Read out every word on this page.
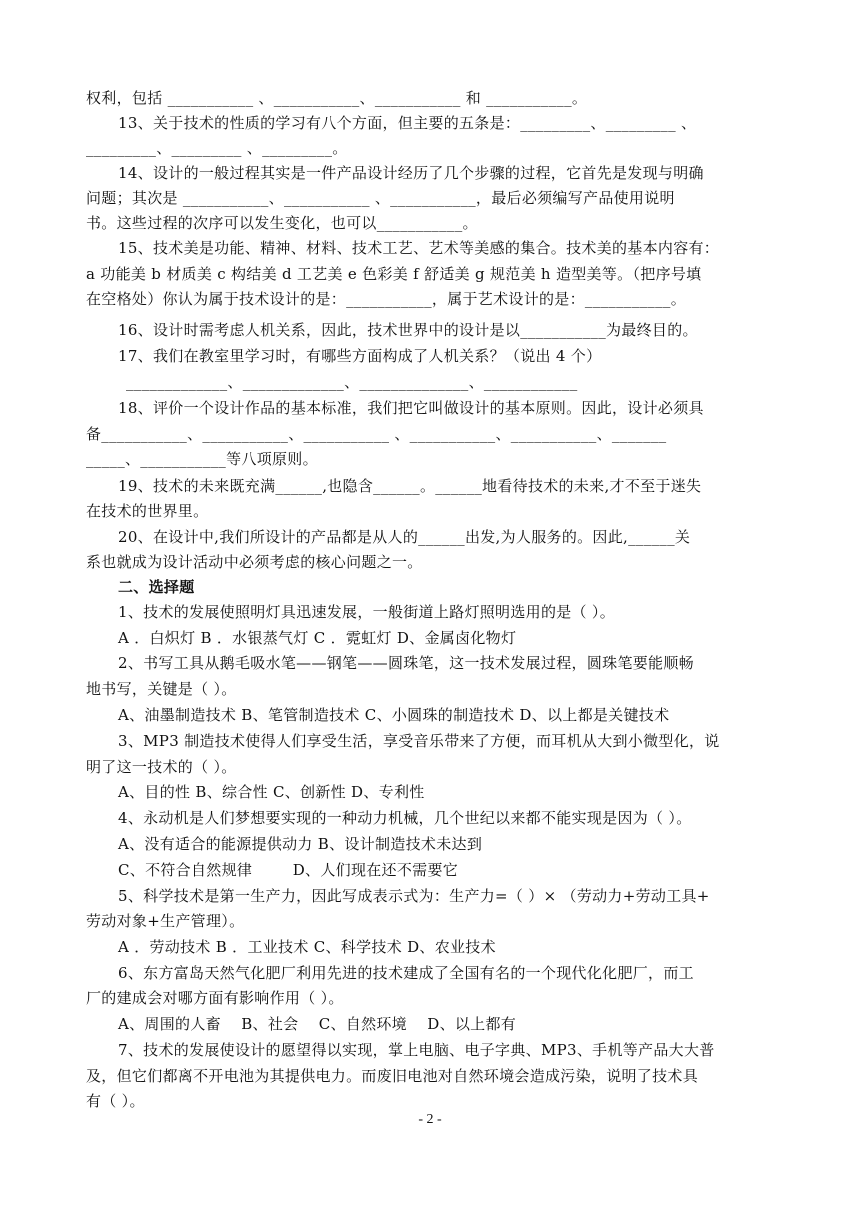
权利，包括 ___________ 、___________、___________ 和 ___________。
13、关于技术的性质的学习有八个方面，但主要的五条是：_________、_________ 、
_________、_________ 、_________。
14、设计的一般过程其实是一件产品设计经历了几个步骤的过程，它首先是发现与明确
问题；其次是 ___________、___________ 、___________，最后必须编写产品使用说明
书。这些过程的次序可以发生变化，也可以___________。
15、技术美是功能、精神、材料、技术工艺、艺术等美感的集合。技术美的基本内容有：
a 功能美 b 材质美 c 构结美 d 工艺美 e 色彩美 f 舒适美 g 规范美 h 造型美等。（把序号填
在空格处）你认为属于技术设计的是：___________，属于艺术设计的是：___________。
16、设计时需考虑人机关系，因此，技术世界中的设计是以___________为最终目的。
17、我们在教室里学习时，有哪些方面构成了人机关系？（说出 4 个）
_____________、_____________、______________、____________
18、评价一个设计作品的基本标准，我们把它叫做设计的基本原则。因此，设计必须具
备___________、___________、___________ 、___________、___________、_______
_____、___________等八项原则。
19、技术的未来既充满______,也隐含______。______地看待技术的未来,才不至于迷失
在技术的世界里。
20、在设计中,我们所设计的产品都是从人的______出发,为人服务的。因此,______关
系也就成为设计活动中必须考虑的核心问题之一。
二、选择题
1、技术的发展使照明灯具迅速发展，一般街道上路灯照明选用的是（ ）。
A ．白炽灯 B ．水银蒸气灯 C ．霓虹灯 D、金属卤化物灯
2、书写工具从鹅毛吸水笔——钢笔——圆珠笔，这一技术发展过程，圆珠笔要能顺畅
地书写，关键是（ ）。
A、油墨制造技术 B、笔管制造技术 C、小圆珠的制造技术 D、以上都是关键技术
3、MP3 制造技术使得人们享受生活，享受音乐带来了方便，而耳机从大到小微型化，说
明了这一技术的（ ）。
A、目的性 B、综合性 C、创新性 D、专利性
4、永动机是人们梦想要实现的一种动力机械，几个世纪以来都不能实现是因为（ ）。
A、没有适合的能源提供动力 B、设计制造技术未达到
C、不符合自然规律        D、人们现在还不需要它
5、科学技术是第一生产力，因此写成表示式为：生产力=（ ）× （劳动力+劳动工具+
劳动对象+生产管理）。
A ．劳动技术 B ．工业技术 C、科学技术 D、农业技术
6、东方富岛天然气化肥厂利用先进的技术建成了全国有名的一个现代化化肥厂，而工
厂的建成会对哪方面有影响作用（ ）。
A、周围的人畜    B、社会    C、自然环境    D、以上都有
7、技术的发展使设计的愿望得以实现，掌上电脑、电子字典、MP3、手机等产品大大普
及，但它们都离不开电池为其提供电力。而废旧电池对自然环境会造成污染，说明了技术具
有（ ）。
- 2 -
